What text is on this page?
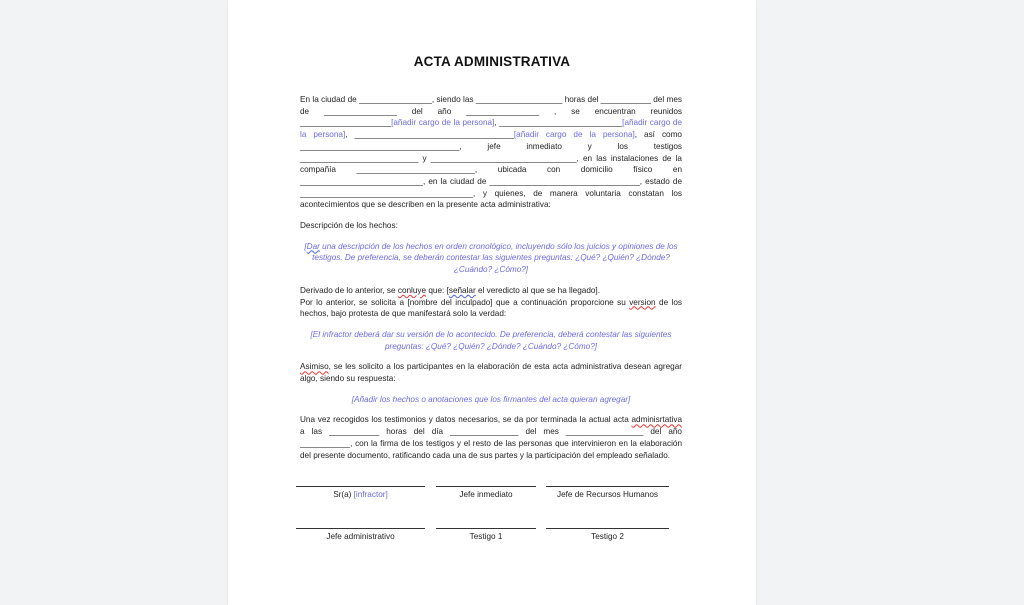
ACTA ADMINISTRATIVA

En la ciudad de ________________, siendo las ___________________ horas del ___________ del mes de ________________ del año ________________ , se encuentran reunidos ____________________[añadir cargo de la persona], ___________________________[añadir cargo de la persona], ___________________________________[añadir cargo de la persona], así como ___________________________________, jefe inmediato y los testigos __________________________ y ________________________________, en las instalaciones de la compañía __________________________, ubicada con domicilio físico en ___________________________, en la ciudad de _________________________________, estado de ______________________________________, y quienes, de manera voluntaria constatan los acontecimientos que se describen en la presente acta administrativa:

Descripción de los hechos:

[Dar una descripción de los hechos en orden cronológico, incluyendo sólo los juicios y opiniones de los testigos. De preferencia, se deberán contestar las siguientes preguntas: ¿Qué? ¿Quién? ¿Dónde? ¿Cuándo? ¿Cómo?]

Derivado de lo anterior, se conluye que: [señalar el veredicto al que se ha llegado].
Por lo anterior, se solicita a [nombre del inculpado] que a continuación proporcione su version de los hechos, bajo protesta de que manifestará solo la verdad:

[El infractor deberá dar su versión de lo acontecido. De preferencia, deberá contestar las siguientes preguntas: ¿Qué? ¿Quién? ¿Dónde? ¿Cuándo? ¿Cómo?]

Asimiso, se les solicito a los participantes en la elaboración de esta acta administrativa desean agregar algo, siendo su respuesta:

[Añadir los hechos o anotaciones que los firmantes del acta quieran agregar]

Una vez recogidos los testimonios y datos necesarios, se da por terminada la actual acta adminisrtativa a las ___________ horas del día _______________ del mes _________________ del año ___________, con la firma de los testigos y el resto de las personas que intervinieron en la elaboración del presente documento, ratificando cada una de sus partes y la participación del empleado señalado.

Sr(a) [infractor]	Jefe inmediato	Jefe de Recursos Humanos
Jefe administrativo	Testigo 1	Testigo 2
